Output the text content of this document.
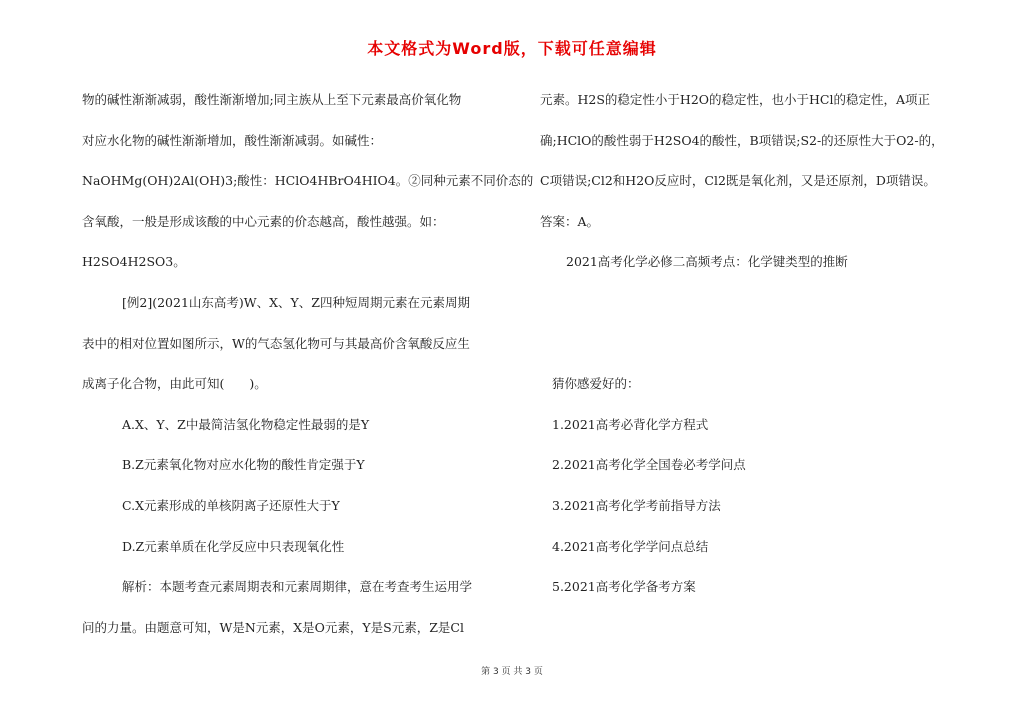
本文格式为Word版，下载可任意编辑
物的碱性渐渐减弱，酸性渐渐增加;同主族从上至下元素最高价氧化物
对应水化物的碱性渐渐增加，酸性渐渐减弱。如碱性：
NaOHMg(OH)2Al(OH)3;酸性：HClO4HBrO4HIO4。②同种元素不同价态的
含氧酸，一般是形成该酸的中心元素的价态越高，酸性越强。如：
H2SO4H2SO3。
[例2](2021山东高考)W、X、Y、Z四种短周期元素在元素周期
表中的相对位置如图所示，W的气态氢化物可与其最高价含氧酸反应生
成离子化合物，由此可知(　　)。
A.X、Y、Z中最简洁氢化物稳定性最弱的是Y
B.Z元素氧化物对应水化物的酸性肯定强于Y
C.X元素形成的单核阴离子还原性大于Y
D.Z元素单质在化学反应中只表现氧化性
解析：本题考查元素周期表和元素周期律，意在考查考生运用学
问的力量。由题意可知，W是N元素，X是O元素，Y是S元素，Z是Cl
元素。H2S的稳定性小于H2O的稳定性，也小于HCl的稳定性，A项正
确;HClO的酸性弱于H2SO4的酸性，B项错误;S2-的还原性大于O2-的，
C项错误;Cl2和H2O反应时，Cl2既是氧化剂，又是还原剂，D项错误。
答案：A。
2021高考化学必修二高频考点：化学键类型的推断
猜你感爱好的：
1.2021高考必背化学方程式
2.2021高考化学全国卷必考学问点
3.2021高考化学考前指导方法
4.2021高考化学学问点总结
5.2021高考化学备考方案
第 3 页 共 3 页
